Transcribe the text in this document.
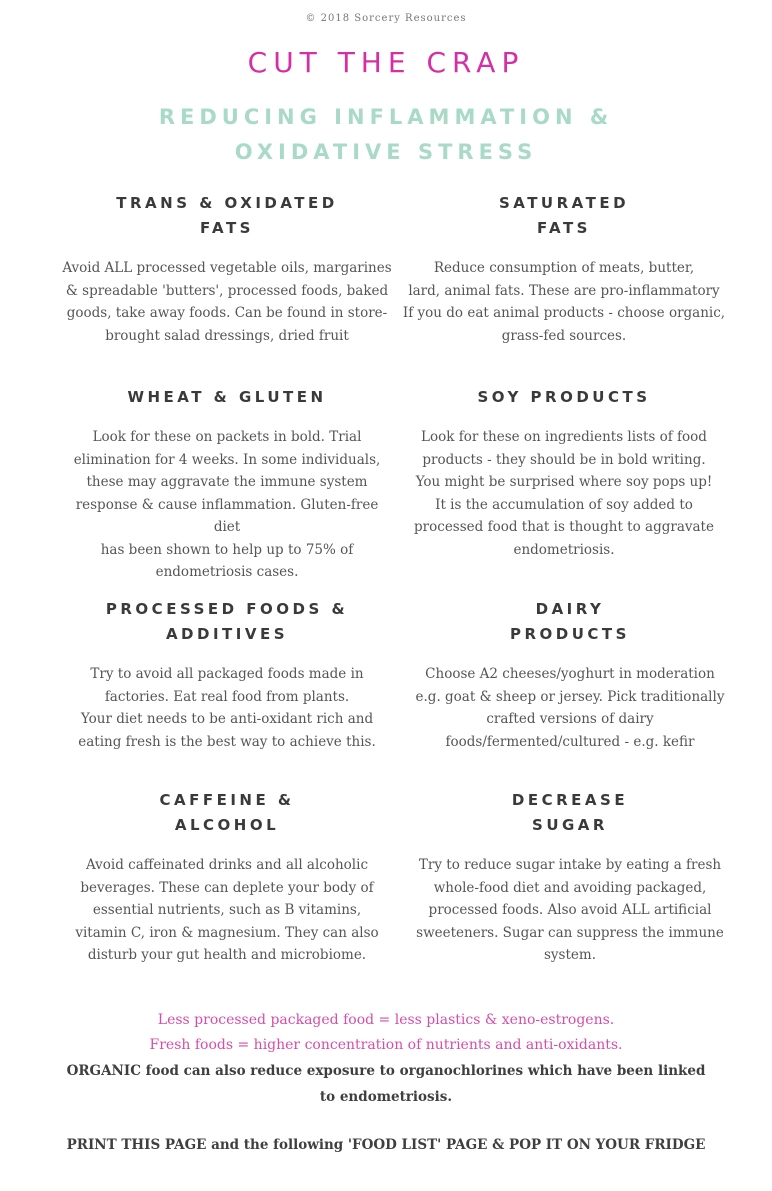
© 2018 Sorcery Resources
CUT THE CRAP
REDUCING INFLAMMATION &
OXIDATIVE STRESS
TRANS & OXIDATED
FATS

Avoid ALL processed vegetable oils, margarines
& spreadable 'butters', processed foods, baked
goods, take away foods. Can be found in store-
brought salad dressings, dried fruit

SATURATED
FATS

Reduce consumption of meats, butter,
lard, animal fats. These are pro-inflammatory
If you do eat animal products - choose organic,
grass-fed sources.

WHEAT & GLUTEN

Look for these on packets in bold. Trial
elimination for 4 weeks. In some individuals,
these may aggravate the immune system
response & cause inflammation. Gluten-free diet
has been shown to help up to 75% of
endometriosis cases.

SOY PRODUCTS

Look for these on ingredients lists of food
products - they should be in bold writing.
You might be surprised where soy pops up!
It is the accumulation of soy added to
processed food that is thought to aggravate
endometriosis.

PROCESSED FOODS &
ADDITIVES

Try to avoid all packaged foods made in
factories. Eat real food from plants.
Your diet needs to be anti-oxidant rich and
eating fresh is the best way to achieve this.

DAIRY
PRODUCTS

Choose A2 cheeses/yoghurt in moderation
e.g. goat & sheep or jersey. Pick traditionally
crafted versions of dairy
foods/fermented/cultured - e.g. kefir

CAFFEINE &
ALCOHOL

Avoid caffeinated drinks and all alcoholic
beverages. These can deplete your body of
essential nutrients, such as B vitamins,
vitamin C, iron & magnesium. They can also
disturb your gut health and microbiome.

DECREASE
SUGAR

Try to reduce sugar intake by eating a fresh
whole-food diet and avoiding packaged,
processed foods. Also avoid ALL artificial
sweeteners. Sugar can suppress the immune
system.

Less processed packaged food = less plastics & xeno-estrogens.
Fresh foods = higher concentration of nutrients and anti-oxidants.
ORGANIC food can also reduce exposure to organochlorines which have been linked
to endometriosis.
PRINT THIS PAGE and the following 'FOOD LIST' PAGE & POP IT ON YOUR FRIDGE
